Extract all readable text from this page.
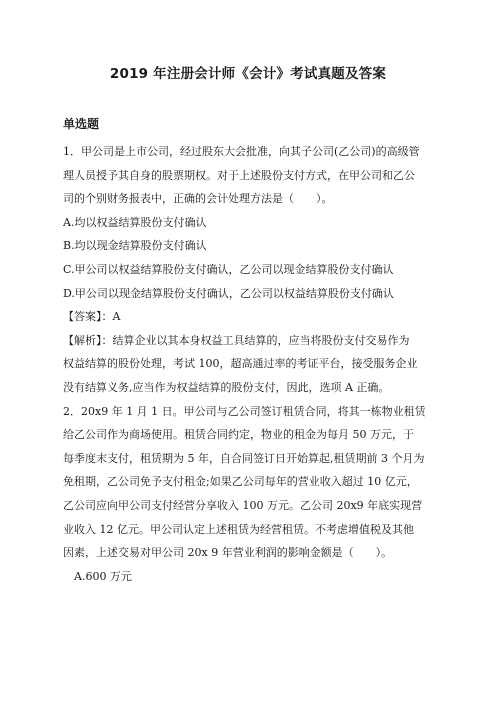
2019 年注册会计师《会计》考试真题及答案
单选题
1．甲公司是上市公司，经过股东大会批准，向其子公司(乙公司)的高级管
理人员授予其自身的股票期权。对于上述股份支付方式，在甲公司和乙公
司的个别财务报表中，正确的会计处理方法是（　　）。
A.均以权益结算股份支付确认
B.均以现金结算股份支付确认
C.甲公司以权益结算股份支付确认，乙公司以现金结算股份支付确认
D.甲公司以现金结算股份支付确认，乙公司以权益结算股份支付确认
【答案】：A
【解析】：结算企业以其本身权益工具结算的，应当将股份支付交易作为
权益结算的股份处理，考试 100，超高通过率的考证平台，接受服务企业
没有结算义务,应当作为权益结算的股份支付，因此，选项 A 正确。
2．20x9 年 1 月 1 日。甲公司与乙公司签订租赁合同，将其一栋物业租赁
给乙公司作为商场使用。租赁合同约定，物业的租金为每月 50 万元，于
每季度末支付，租赁期为 5 年，自合同签订日开始算起,租赁期前 3 个月为
免租期，乙公司免予支付租金;如果乙公司每年的营业收入超过 10 亿元，
乙公司应向甲公司支付经营分享收入 100 万元。乙公司 20x9 年底实现营
业收入 12 亿元。甲公司认定上述租赁为经营租赁。不考虑增值税及其他
因素，上述交易对甲公司 20x 9 年营业利润的影响金额是（　　）。
A.600 万元
